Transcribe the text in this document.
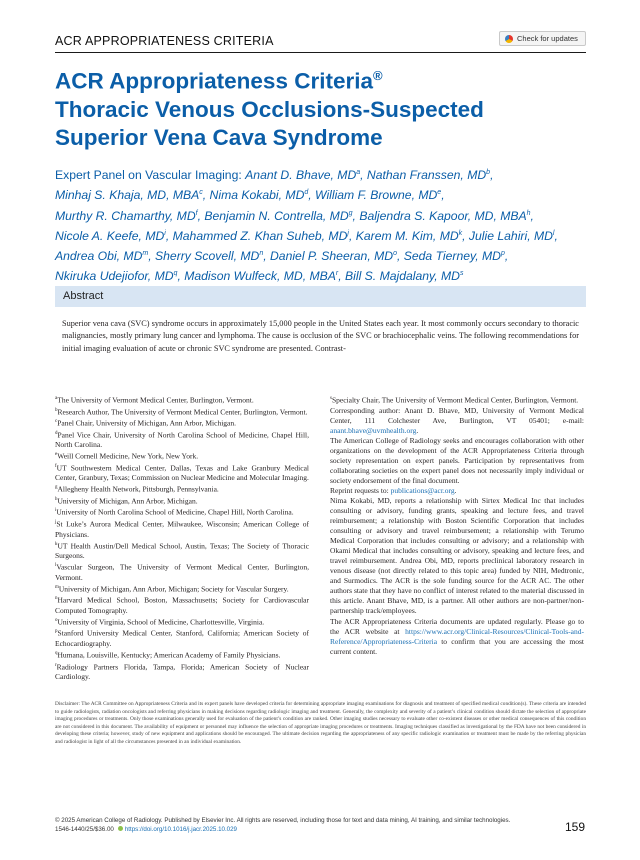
ACR APPROPRIATENESS CRITERIA	Check for updates
ACR Appropriateness Criteria®
Thoracic Venous Occlusions-Suspected
Superior Vena Cava Syndrome
Expert Panel on Vascular Imaging: Anant D. Bhave, $MD^a$, Nathan Franssen, $MD^b$,
Minhaj S. Khaja, MD, MBA$^c$, Nima Kokabi, $MD^d$, William F. Browne, MDe,
Murthy R. Chamarthy, $MD^f$, Benjamin N. Contrella, $MD^g$, Baljendra S. Kapoor, MD, MBA$^h$,
Nicole A. Keefe, $MD^i$, Mahammed Z. Khan Suheb, $MD^j$, Karem M. Kim, $MD^k$, Julie Lahiri, $MD^l$,
Andrea Obi, $MD^m$, Sherry Scovell, $MD^n$, Daniel P. Sheeran, $MD^o$, Seda Tierney, $MD^p$,
Nkiruka Udejiofor, $MD^q$, Madison Wulfeck, MD, MBA$^r$, Bill S. Majdalany, $MD^s$
Abstract

Superior vena cava (SVC) syndrome occurs in approximately 15,000 people in the United States each year. It most commonly occurs secondary to thoracic malignancies, mostly primary lung cancer and lymphoma. The cause is occlusion of the SVC or brachiocephalic veins. The following recommendations for initial imaging evaluation of acute or chronic SVC syndrome are presented. Contrast-

$^a$The University of Vermont Medical Center, Burlington, Vermont.

$^b$Research Author, The University of Vermont Medical Center, Burlington, Vermont.

$^c$Panel Chair, University of Michigan, Ann Arbor, Michigan.

$^d$Panel Vice Chair, University of North Carolina School of Medicine, Chapel Hill, North Carolina.

$^e$Weill Cornell Medicine, New York, New York.

$^f$UT Southwestern Medical Center, Dallas, Texas and Lake Granbury Medical Center, Granbury, Texas; Commission on Nuclear Medicine and Molecular Imaging.

$^g$Allegheny Health Network, Pittsburgh, Pennsylvania.

$^h$University of Michigan, Ann Arbor, Michigan.

$^i$University of North Carolina School of Medicine, Chapel Hill, North Carolina.

$^j$St Luke’s Aurora Medical Center, Milwaukee, Wisconsin; American College of Physicians.

$^k$UT Health Austin/Dell Medical School, Austin, Texas; The Society of Thoracic Surgeons.

$^l$Vascular Surgeon, The University of Vermont Medical Center, Burlington, Vermont.

$^m$University of Michigan, Ann Arbor, Michigan; Society for Vascular Surgery.

$^n$Harvard Medical School, Boston, Massachusetts; Society for Cardiovascular Computed Tomography.

$^o$University of Virginia, School of Medicine, Charlottesville, Virginia.

$^p$Stanford University Medical Center, Stanford, California; American Society of Echocardiography.

$^q$Humana, Louisville, Kentucky; American Academy of Family Physicians.

$^r$Radiology Partners Florida, Tampa, Florida; American Society of Nuclear Cardiology.

$^s$Specialty Chair, The University of Vermont Medical Center, Burlington, Vermont.

Corresponding author: Anant D. Bhave, MD, University of Vermont Medical Center, 111 Colchester Ave, Burlington, VT 05401; e-mail: anant.bhave@uvmhealth.org.

The American College of Radiology seeks and encourages collaboration with other organizations on the development of the ACR Appropriateness Criteria through society representation on expert panels. Participation by representatives from collaborating societies on the expert panel does not necessarily imply individual or society endorsement of the final document.

Reprint requests to: publications@acr.org.

Nima Kokabi, MD, reports a relationship with Sirtex Medical Inc that includes consulting or advisory, funding grants, speaking and lecture fees, and travel reimbursement; a relationship with Boston Scientific Corporation that includes consulting or advisory and travel reimbursement; a relationship with Terumo Medical Corporation that includes consulting or advisory; and a relationship with Okami Medical that includes consulting or advisory, speaking and lecture fees, and travel reimbursement. Andrea Obi, MD, reports preclinical laboratory research in venous disease (not directly related to this topic area) funded by NIH, Medtronic, and Surmodics. The ACR is the sole funding source for the ACR AC. The other authors state that they have no conflict of interest related to the material discussed in this article. Anant Bhave, MD, is a partner. All other authors are non-partner/non-partnership track/employees.

The ACR Appropriateness Criteria documents are updated regularly. Please go to the ACR website at https://www.acr.org/Clinical-Resources/Clinical-Tools-and-Reference/Appropriateness-Criteria to confirm that you are accessing the most current content.

Disclaimer: The ACR Committee on Appropriateness Criteria and its expert panels have developed criteria for determining appropriate imaging examinations for diagnosis and treatment of specified medical condition(s). These criteria are intended to guide radiologists, radiation oncologists and referring physicians in making decisions regarding radiologic imaging and treatment. Generally, the complexity and severity of a patient’s clinical condition should dictate the selection of appropriate imaging procedures or treatments. Only those examinations generally used for evaluation of the patient’s condition are ranked. Other imaging studies necessary to evaluate other co-existent diseases or other medical consequences of this condition are not considered in this document. The availability of equipment or personnel may influence the selection of appropriate imaging procedures or treatments. Imaging techniques classified as investigational by the FDA have not been considered in developing these criteria; however, study of new equipment and applications should be encouraged. The ultimate decision regarding the appropriateness of any specific radiologic examination or treatment must be made by the referring physician and radiologist in light of all the circumstances presented in an individual examination.

© 2025 American College of Radiology. Published by Elsevier Inc. All rights are reserved, including those for text and data mining, AI training, and similar technologies.
1546-1440/25/$36.00 https://doi.org/10.1016/j.jacr.2025.10.029	159
